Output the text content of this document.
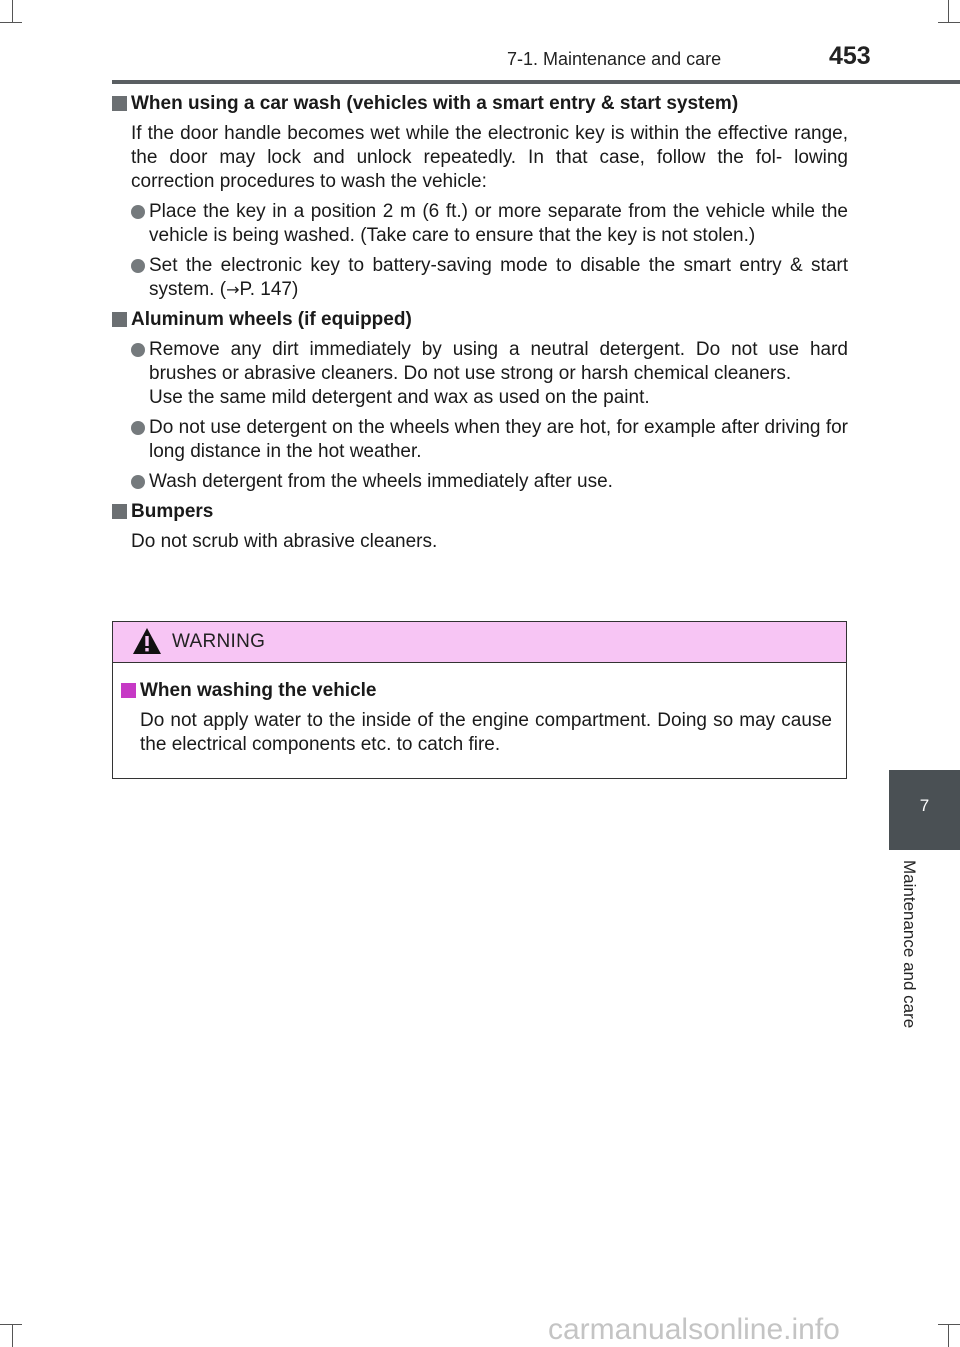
7-1. Maintenance and care	453
7
Maintenance and care
When using a car wash (vehicles with a smart entry & start system)
If the door handle becomes wet while the electronic key is within the effective range, the door may lock and unlock repeatedly. In that case, follow the fol- lowing correction procedures to wash the vehicle:
Place the key in a position 2 m (6 ft.) or more separate from the vehicle while the vehicle is being washed. (Take care to ensure that the key is not stolen.)
Set the electronic key to battery-saving mode to disable the smart entry & start system. (→P. 147)
Aluminum wheels (if equipped)
Remove any dirt immediately by using a neutral detergent. Do not use hard brushes or abrasive cleaners. Do not use strong or harsh chemical cleaners.
Use the same mild detergent and wax as used on the paint.
Do not use detergent on the wheels when they are hot, for example after driving for long distance in the hot weather.
Wash detergent from the wheels immediately after use.
Bumpers
Do not scrub with abrasive cleaners.
WARNING
When washing the vehicle
Do not apply water to the inside of the engine compartment. Doing so may cause the electrical components etc. to catch fire.
carmanualsonline.info
